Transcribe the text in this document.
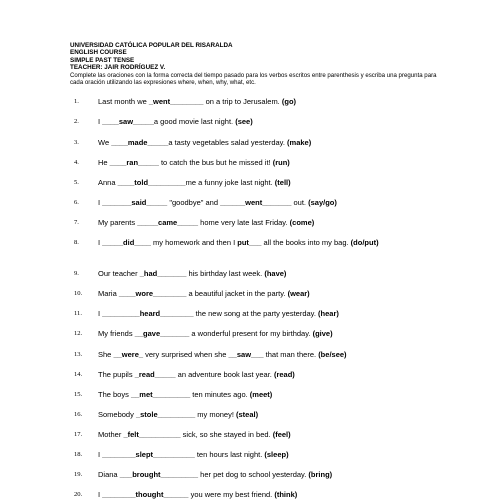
UNIVERSIDAD CATÓLICA POPULAR DEL RISARALDA
ENGLISH COURSE
SIMPLE PAST TENSE
TEACHER: JAIR RODRÍGUEZ V.
Complete las oraciones con la forma correcta del tiempo pasado para los verbos escritos entre parenthesis y escriba una pregunta para cada oración utilizando las expresiones where, when, why, what, etc.
1.	Last month we _went________ on a trip to Jerusalem. (go)
2.	I ____saw_____a good movie last night. (see)
3.	We ____made_____a tasty vegetables salad yesterday. (make)
4.	He ____ran_____ to catch the bus but he missed it! (run)
5.	Anna ____told_________me a funny joke last night. (tell)
6.	I _______said_____ "goodbye" and ______went_______ out. (say/go)
7.	My parents _____came_____ home very late last Friday. (come)
8.	I _____did____ my homework and then I put___ all the books into my bag. (do/put)
9.	Our teacher _had_______ his birthday last week. (have)
10. Maria ____wore________ a beautiful jacket in the party. (wear)
11. I _________heard________ the new song at the party yesterday. (hear)
12. My friends __gave_______ a wonderful present for my birthday. (give)
13. She __were_ very surprised when she __saw___ that man there. (be/see)
14. The pupils _read_____ an adventure book last year. (read)
15. The boys __met_________ ten minutes ago. (meet)
16. Somebody _stole_________ my money! (steal)
17. Mother _felt__________ sick, so she stayed in bed. (feel)
18. I ________slept__________ ten hours last night. (sleep)
19. Diana ___brought_________ her pet dog to school yesterday. (bring)
20. I ________thought______ you were my best friend. (think)
